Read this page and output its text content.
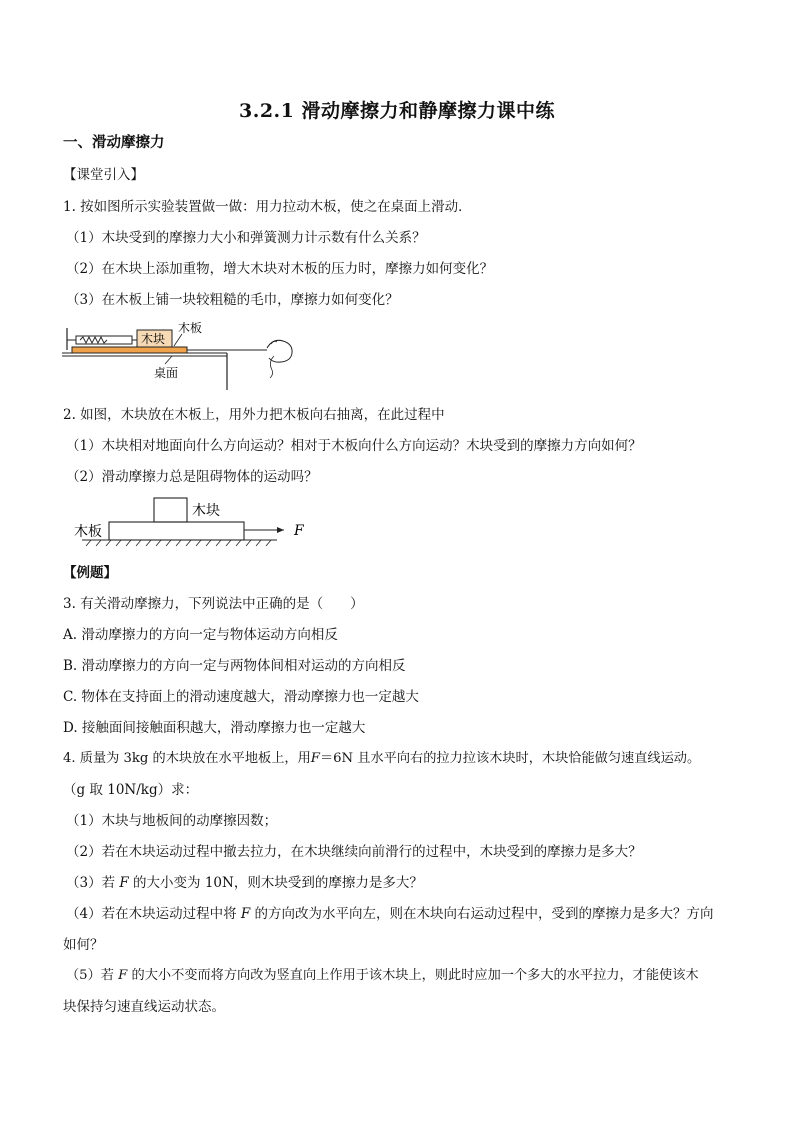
3.2.1 滑动摩擦力和静摩擦力课中练
一、滑动摩擦力
【课堂引入】
1. 按如图所示实验装置做一做：用力拉动木板，使之在桌面上滑动．
（1）木块受到的摩擦力大小和弹簧测力计示数有什么关系？
（2）在木块上添加重物，增大木块对木板的压力时，摩擦力如何变化？
（3）在木板上铺一块较粗糙的毛巾，摩擦力如何变化？
木块
木板
桌面
2. 如图，木块放在木板上，用外力把木板向右抽离，在此过程中
（1）木块相对地面向什么方向运动？相对于木板向什么方向运动？木块受到的摩擦力方向如何？
（2）滑动摩擦力总是阻碍物体的运动吗？
木块
木板	F
【例题】
3. 有关滑动摩擦力，下列说法中正确的是（　　）
A. 滑动摩擦力的方向一定与物体运动方向相反
B. 滑动摩擦力的方向一定与两物体间相对运动的方向相反
C. 物体在支持面上的滑动速度越大，滑动摩擦力也一定越大
D. 接触面间接触面积越大，滑动摩擦力也一定越大
4. 质量为 3kg 的木块放在水平地板上，用F＝6N 且水平向右的拉力拉该木块时，木块恰能做匀速直线运动。
（g 取 10N/kg）求：
（1）木块与地板间的动摩擦因数；
（2）若在木块运动过程中撤去拉力，在木块继续向前滑行的过程中，木块受到的摩擦力是多大？
（3）若 F 的大小变为 10N，则木块受到的摩擦力是多大？
（4）若在木块运动过程中将 F 的方向改为水平向左，则在木块向右运动过程中，受到的摩擦力是多大？方向
如何？
（5）若 F 的大小不变而将方向改为竖直向上作用于该木块上，则此时应加一个多大的水平拉力，才能使该木
块保持匀速直线运动状态。
